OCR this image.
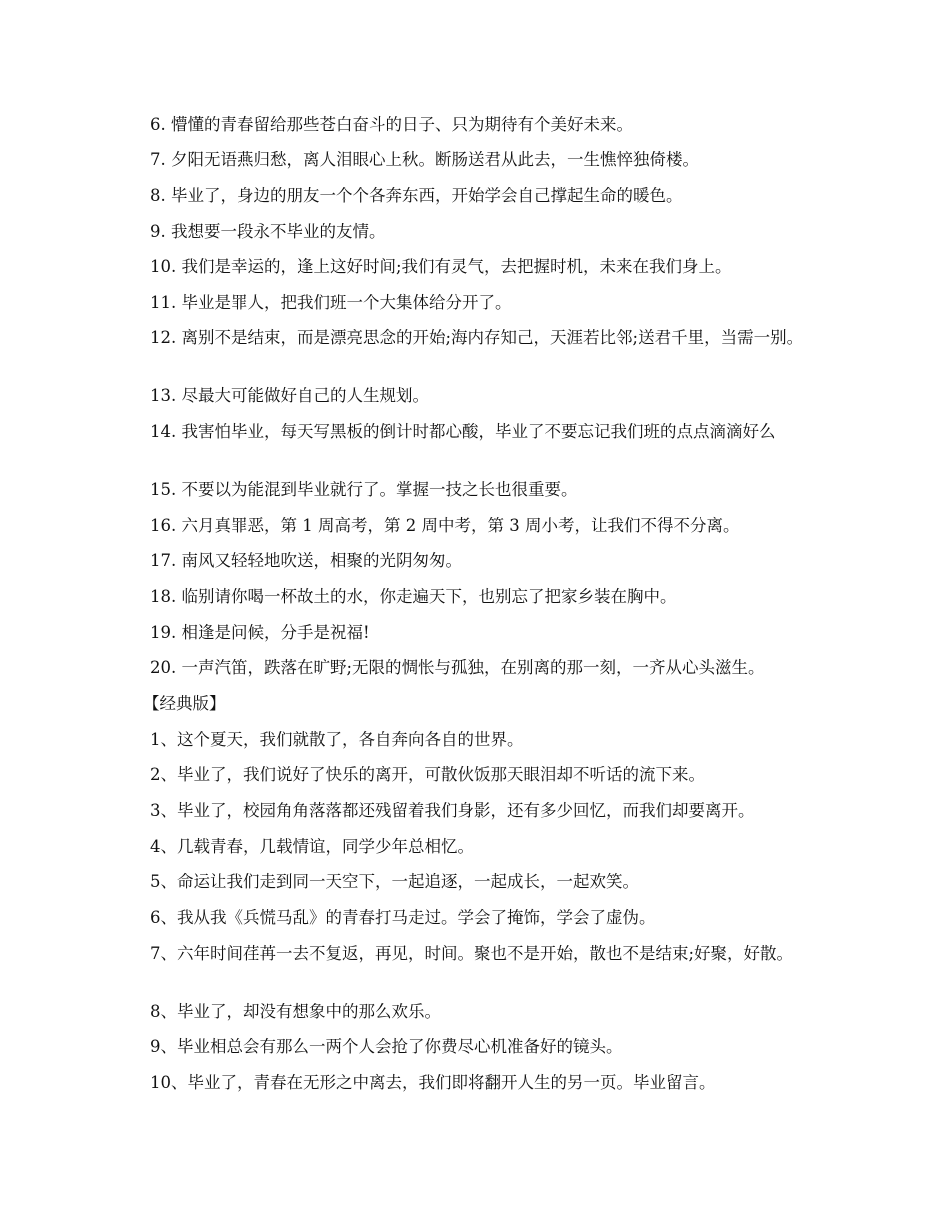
6. 懵懂的青春留给那些苍白奋斗的日子、只为期待有个美好未来。

7. 夕阳无语燕归愁，离人泪眼心上秋。断肠送君从此去，一生憔悴独倚楼。

8. 毕业了，身边的朋友一个个各奔东西，开始学会自己撑起生命的暖色。

9. 我想要一段永不毕业的友情。

10. 我们是幸运的，逢上这好时间;我们有灵气，去把握时机，未来在我们身上。

11. 毕业是罪人，把我们班一个大集体给分开了。

12. 离别不是结束，而是漂亮思念的开始;海内存知己，天涯若比邻;送君千里，当需一别。

13. 尽最大可能做好自己的人生规划。

14. 我害怕毕业，每天写黑板的倒计时都心酸，毕业了不要忘记我们班的点点滴滴好么

15. 不要以为能混到毕业就行了。掌握一技之长也很重要。

16. 六月真罪恶，第 1 周高考，第 2 周中考，第 3 周小考，让我们不得不分离。

17. 南风又轻轻地吹送，相聚的光阴匆匆。

18. 临别请你喝一杯故土的水，你走遍天下，也别忘了把家乡装在胸中。

19. 相逢是问候，分手是祝福!

20. 一声汽笛，跌落在旷野;无限的惆怅与孤独，在别离的那一刻，一齐从心头滋生。

【经典版】

1、这个夏天，我们就散了，各自奔向各自的世界。

2、毕业了，我们说好了快乐的离开，可散伙饭那天眼泪却不听话的流下来。

3、毕业了，校园角角落落都还残留着我们身影，还有多少回忆，而我们却要离开。

4、几载青春，几载情谊，同学少年总相忆。

5、命运让我们走到同一天空下，一起追逐，一起成长，一起欢笑。

6、我从我《兵慌马乱》的青春打马走过。学会了掩饰，学会了虚伪。

7、六年时间荏苒一去不复返，再见，时间。聚也不是开始，散也不是结束;好聚，好散。

8、毕业了，却没有想象中的那么欢乐。

9、毕业相总会有那么一两个人会抢了你费尽心机准备好的镜头。

10、毕业了，青春在无形之中离去，我们即将翻开人生的另一页。毕业留言。
